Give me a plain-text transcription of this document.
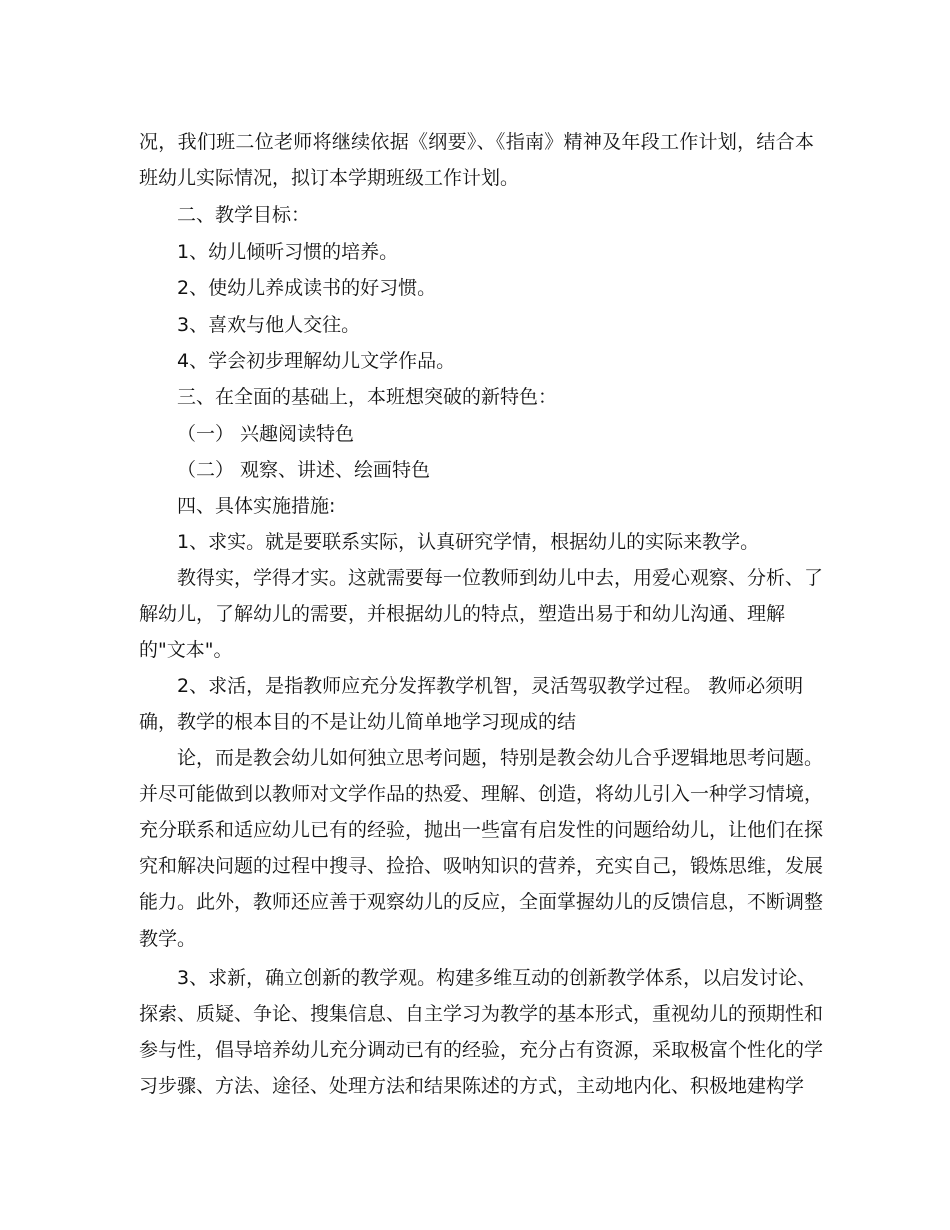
况，我们班二位老师将继续依据《纲要》、《指南》精神及年段工作计划，结合本
班幼儿实际情况，拟订本学期班级工作计划。
二、教学目标：
1、幼儿倾听习惯的培养。
2、使幼儿养成读书的好习惯。
3、喜欢与他人交往。
4、学会初步理解幼儿文学作品。
三、在全面的基础上，本班想突破的新特色：
（一） 兴趣阅读特色
（二） 观察、讲述、绘画特色
四、具体实施措施:
1、求实。就是要联系实际，认真研究学情，根据幼儿的实际来教学。
教得实，学得才实。这就需要每一位教师到幼儿中去，用爱心观察、分析、了
解幼儿，了解幼儿的需要，并根据幼儿的特点，塑造出易于和幼儿沟通、理解
的"文本"。
2、求活，是指教师应充分发挥教学机智，灵活驾驭教学过程。 教师必须明
确，教学的根本目的不是让幼儿简单地学习现成的结
论，而是教会幼儿如何独立思考问题，特别是教会幼儿合乎逻辑地思考问题。
并尽可能做到以教师对文学作品的热爱、理解、创造，将幼儿引入一种学习情境，
充分联系和适应幼儿已有的经验，抛出一些富有启发性的问题给幼儿，让他们在探
究和解决问题的过程中搜寻、捡拾、吸呐知识的营养，充实自己，锻炼思维，发展
能力。此外，教师还应善于观察幼儿的反应，全面掌握幼儿的反馈信息，不断调整
教学。
3、求新，确立创新的教学观。构建多维互动的创新教学体系，以启发讨论、
探索、质疑、争论、搜集信息、自主学习为教学的基本形式，重视幼儿的预期性和
参与性，倡导培养幼儿充分调动已有的经验，充分占有资源，采取极富个性化的学
习步骤、方法、途径、处理方法和结果陈述的方式，主动地内化、积极地建构学
